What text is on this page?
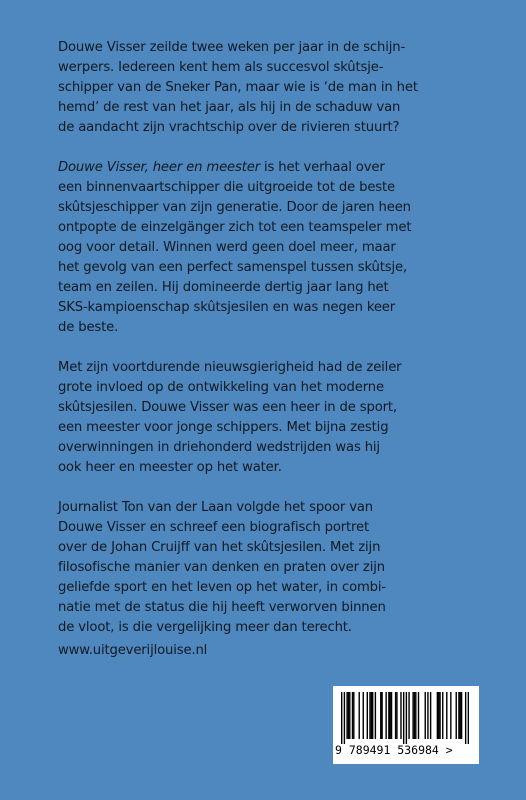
Douwe Visser zeilde twee weken per jaar in de schijn-
werpers. Iedereen kent hem als succesvol skûtsje-
schipper van de Sneker Pan, maar wie is ‘de man in het
hemd’ de rest van het jaar, als hij in de schaduw van
de aandacht zijn vrachtschip over de rivieren stuurt?

Douwe Visser, heer en meester is het verhaal over
een binnenvaartschipper die uitgroeide tot de beste
skûtsjeschipper van zijn generatie. Door de jaren heen
ontpopte de einzelgänger zich tot een teamspeler met
oog voor detail. Winnen werd geen doel meer, maar
het gevolg van een perfect samenspel tussen skûtsje,
team en zeilen. Hij domineerde dertig jaar lang het
SKS-kampioenschap skûtsjesilen en was negen keer
de beste.

Met zijn voortdurende nieuwsgierigheid had de zeiler
grote invloed op de ontwikkeling van het moderne
skûtsjesilen. Douwe Visser was een heer in de sport,
een meester voor jonge schippers. Met bijna zestig
overwinningen in driehonderd wedstrijden was hij
ook heer en meester op het water.

Journalist Ton van der Laan volgde het spoor van
Douwe Visser en schreef een biografisch portret
over de Johan Cruijff van het skûtsjesilen. Met zijn
filosofische manier van denken en praten over zijn
geliefde sport en het leven op het water, in combi-
natie met de status die hij heeft verworven binnen
de vloot, is die vergelijking meer dan terecht.

www.uitgeverijlouise.nl
9 789491 536984 >
